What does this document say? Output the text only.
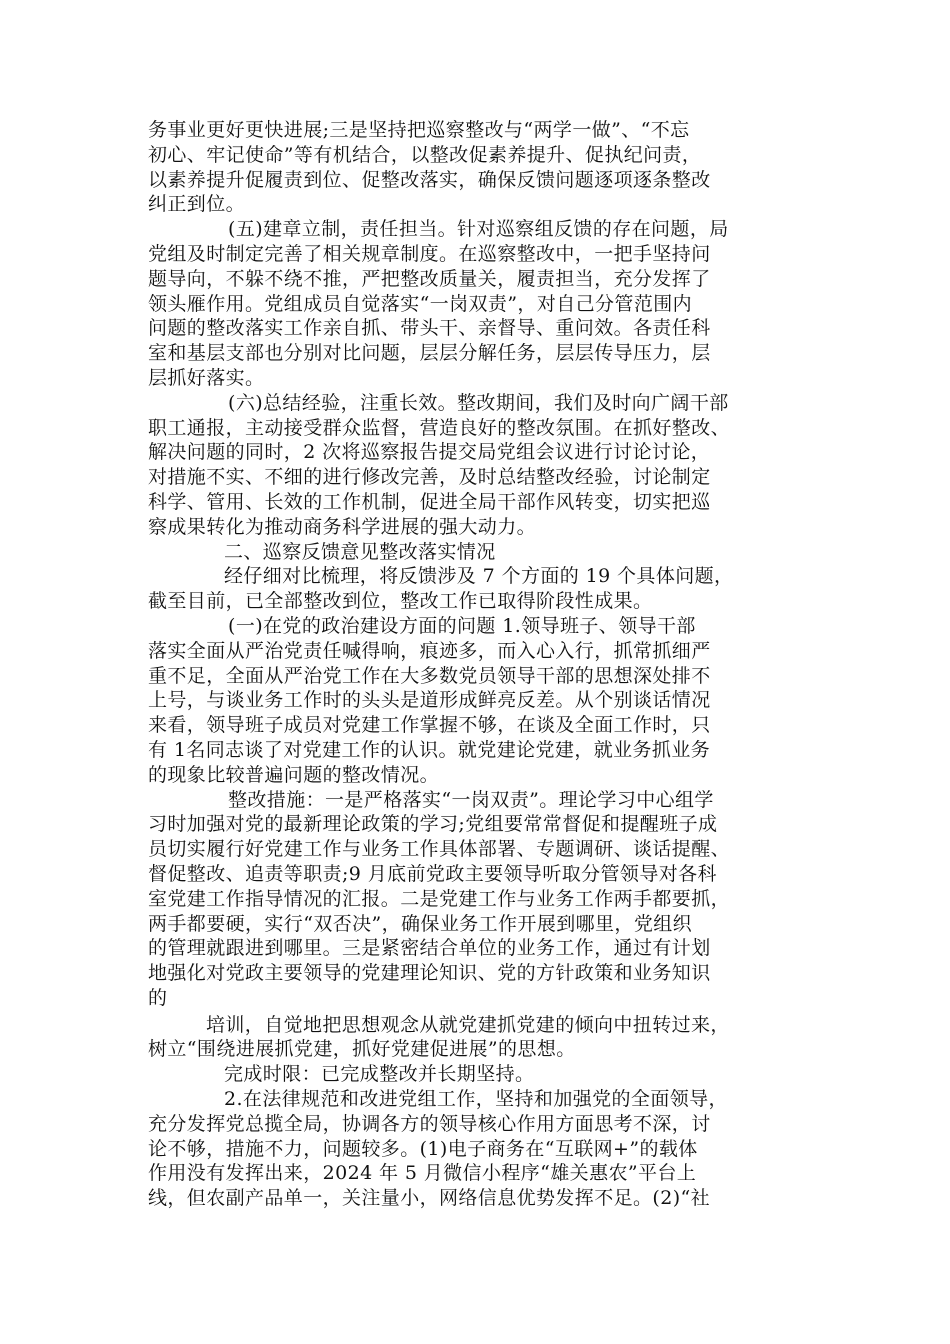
务事业更好更快进展;三是坚持把巡察整改与“两学一做”、“不忘
初心、牢记使命”等有机结合，以整改促素养提升、促执纪问责，
以素养提升促履责到位、促整改落实，确保反馈问题逐项逐条整改
纠正到位。
(五)建章立制，责任担当。针对巡察组反馈的存在问题，局
党组及时制定完善了相关规章制度。在巡察整改中，一把手坚持问
题导向，不躲不绕不推，严把整改质量关，履责担当，充分发挥了
领头雁作用。党组成员自觉落实“一岗双责”，对自己分管范围内
问题的整改落实工作亲自抓、带头干、亲督导、重问效。各责任科
室和基层支部也分别对比问题，层层分解任务，层层传导压力，层
层抓好落实。
(六)总结经验，注重长效。整改期间，我们及时向广阔干部
职工通报，主动接受群众监督，营造良好的整改氛围。在抓好整改、
解决问题的同时，2 次将巡察报告提交局党组会议进行讨论讨论，
对措施不实、不细的进行修改完善，及时总结整改经验，讨论制定
科学、管用、长效的工作机制，促进全局干部作风转变，切实把巡
察成果转化为推动商务科学进展的强大动力。
二、巡察反馈意见整改落实情况
经仔细对比梳理，将反馈涉及 7 个方面的 19 个具体问题，
截至目前，已全部整改到位，整改工作已取得阶段性成果。
(一)在党的政治建设方面的问题 1.领导班子、领导干部
落实全面从严治党责任喊得响，痕迹多，而入心入行，抓常抓细严
重不足，全面从严治党工作在大多数党员领导干部的思想深处排不
上号，与谈业务工作时的头头是道形成鲜亮反差。从个别谈话情况
来看，领导班子成员对党建工作掌握不够，在谈及全面工作时，只
有 1名同志谈了对党建工作的认识。就党建论党建，就业务抓业务
的现象比较普遍问题的整改情况。
整改措施：一是严格落实“一岗双责”。理论学习中心组学
习时加强对党的最新理论政策的学习;党组要常常督促和提醒班子成
员切实履行好党建工作与业务工作具体部署、专题调研、谈话提醒、
督促整改、追责等职责;9 月底前党政主要领导听取分管领导对各科
室党建工作指导情况的汇报。二是党建工作与业务工作两手都要抓，
两手都要硬，实行“双否决”，确保业务工作开展到哪里，党组织
的管理就跟进到哪里。三是紧密结合单位的业务工作，通过有计划
地强化对党政主要领导的党建理论知识、党的方针政策和业务知识
的
培训，自觉地把思想观念从就党建抓党建的倾向中扭转过来，
树立“围绕进展抓党建，抓好党建促进展”的思想。
完成时限：已完成整改并长期坚持。
2.在法律规范和改进党组工作，坚持和加强党的全面领导，
充分发挥党总揽全局，协调各方的领导核心作用方面思考不深，讨
论不够，措施不力，问题较多。(1)电子商务在“互联网+”的载体
作用没有发挥出来，2024 年 5 月微信小程序“雄关惠农”平台上
线，但农副产品单一，关注量小，网络信息优势发挥不足。(2)“社
